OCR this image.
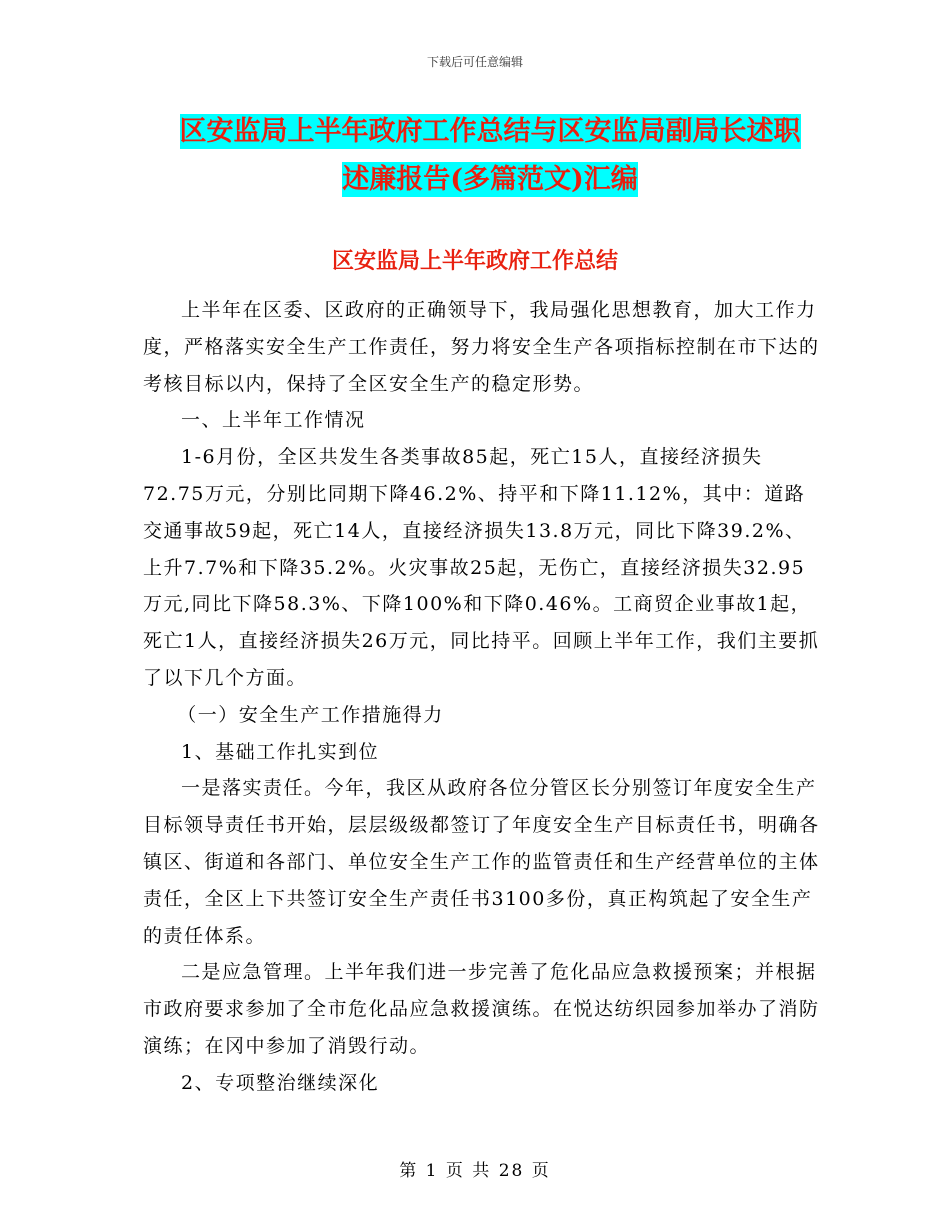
下载后可任意编辑
区安监局上半年政府工作总结与区安监局副局长述职
述廉报告(多篇范文)汇编
区安监局上半年政府工作总结

上半年在区委、区政府的正确领导下，我局强化思想教育，加大工作力度，严格落实安全生产工作责任，努力将安全生产各项指标控制在市下达的考核目标以内，保持了全区安全生产的稳定形势。

一、上半年工作情况

1-6月份，全区共发生各类事故85起，死亡15人，直接经济损失72.75万元，分别比同期下降46.2%、持平和下降11.12%，其中：道路交通事故59起，死亡14人，直接经济损失13.8万元，同比下降39.2%、上升7.7%和下降35.2%。火灾事故25起，无伤亡，直接经济损失32.95万元,同比下降58.3%、下降100%和下降0.46%。工商贸企业事故1起，死亡1人，直接经济损失26万元，同比持平。回顾上半年工作，我们主要抓了以下几个方面。

（一）安全生产工作措施得力

1、基础工作扎实到位

一是落实责任。今年，我区从政府各位分管区长分别签订年度安全生产目标领导责任书开始，层层级级都签订了年度安全生产目标责任书，明确各镇区、街道和各部门、单位安全生产工作的监管责任和生产经营单位的主体责任，全区上下共签订安全生产责任书3100多份，真正构筑起了安全生产的责任体系。

二是应急管理。上半年我们进一步完善了危化品应急救援预案；并根据市政府要求参加了全市危化品应急救援演练。在悦达纺织园参加举办了消防演练；在冈中参加了消毁行动。

2、专项整治继续深化

第 1 页 共 28 页
